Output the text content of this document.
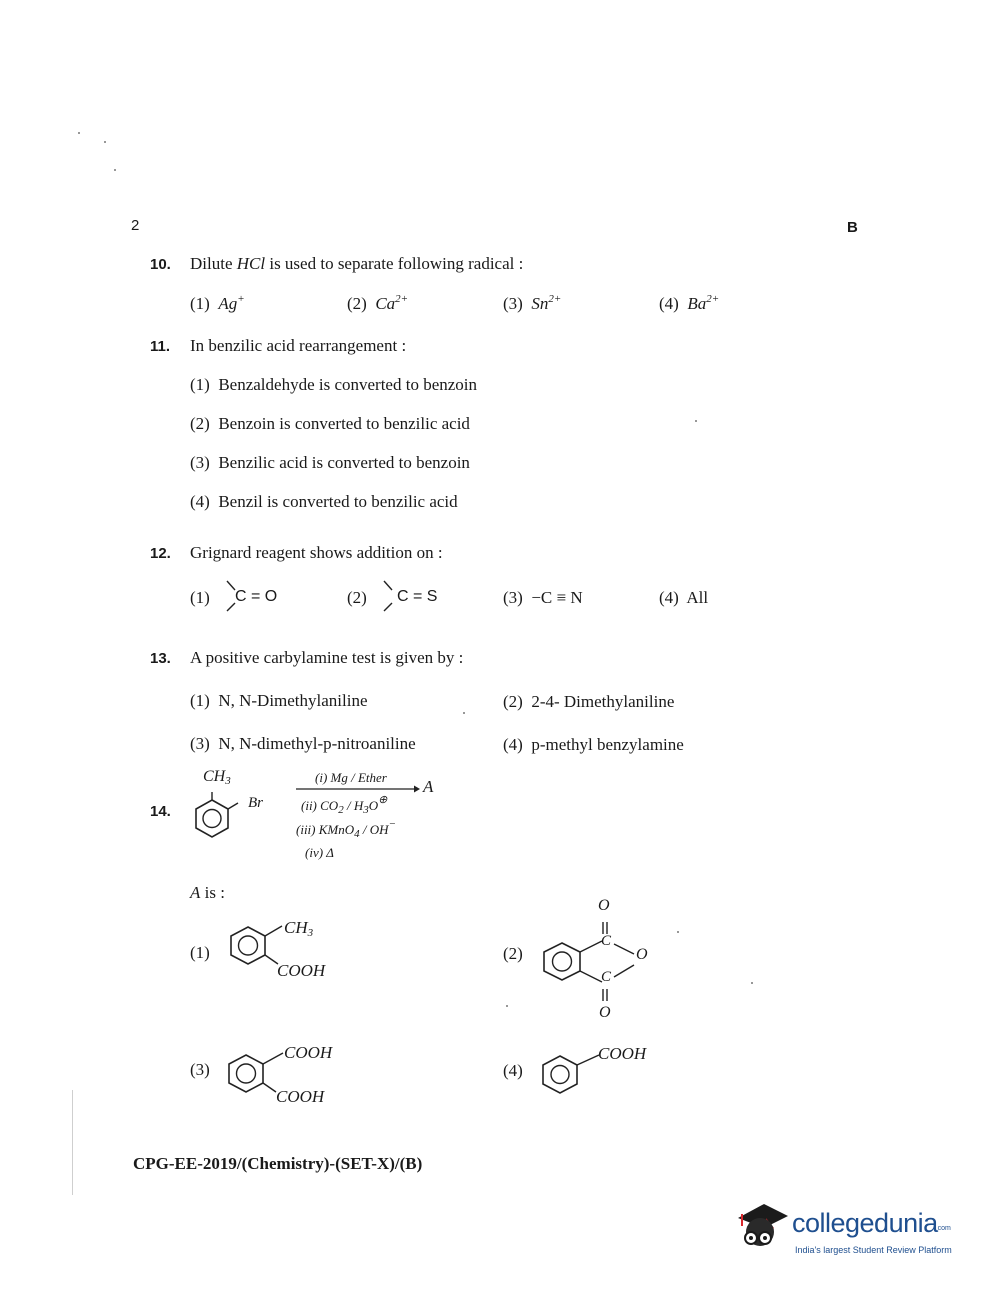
2	B
10. Dilute HCl is used to separate following radical :
(1) Ag+	(2) $Ca^{2+}$	(3) $Sn^{2+}$	(4) $Ba^{2+}$
11. In benzilic acid rearrangement :
(1) Benzaldehyde is converted to benzoin
(2) Benzoin is converted to benzilic acid
(3) Benzilic acid is converted to benzoin
(4) Benzil is converted to benzilic acid
12. Grignard reagent shows addition on :
(1) C = O	(2) C = S	(3) −C ≡ N	(4) All
13. A positive carbylamine test is given by :
(1) N, N-Dimethylaniline	(2) 2-4- Dimethylaniline
(3) N, N-dimethyl-p-nitroaniline	(4) p-methyl benzylamine
14.
$CH_3$
Br
(i) Mg / Ether A
(ii) $CO_2 / H_3O^\oplus$
(iii) KMnO$_4$ / OH−
(iv) Δ
A is :
(1)
$CH_3$
COOH
(2)
O
C
O
C
O
(3)
COOH
COOH
(4)
COOH
CPG-EE-2019/(Chemistry)-(SET-X)/(B)
collegeduniacom
India's largest Student Review Platform
